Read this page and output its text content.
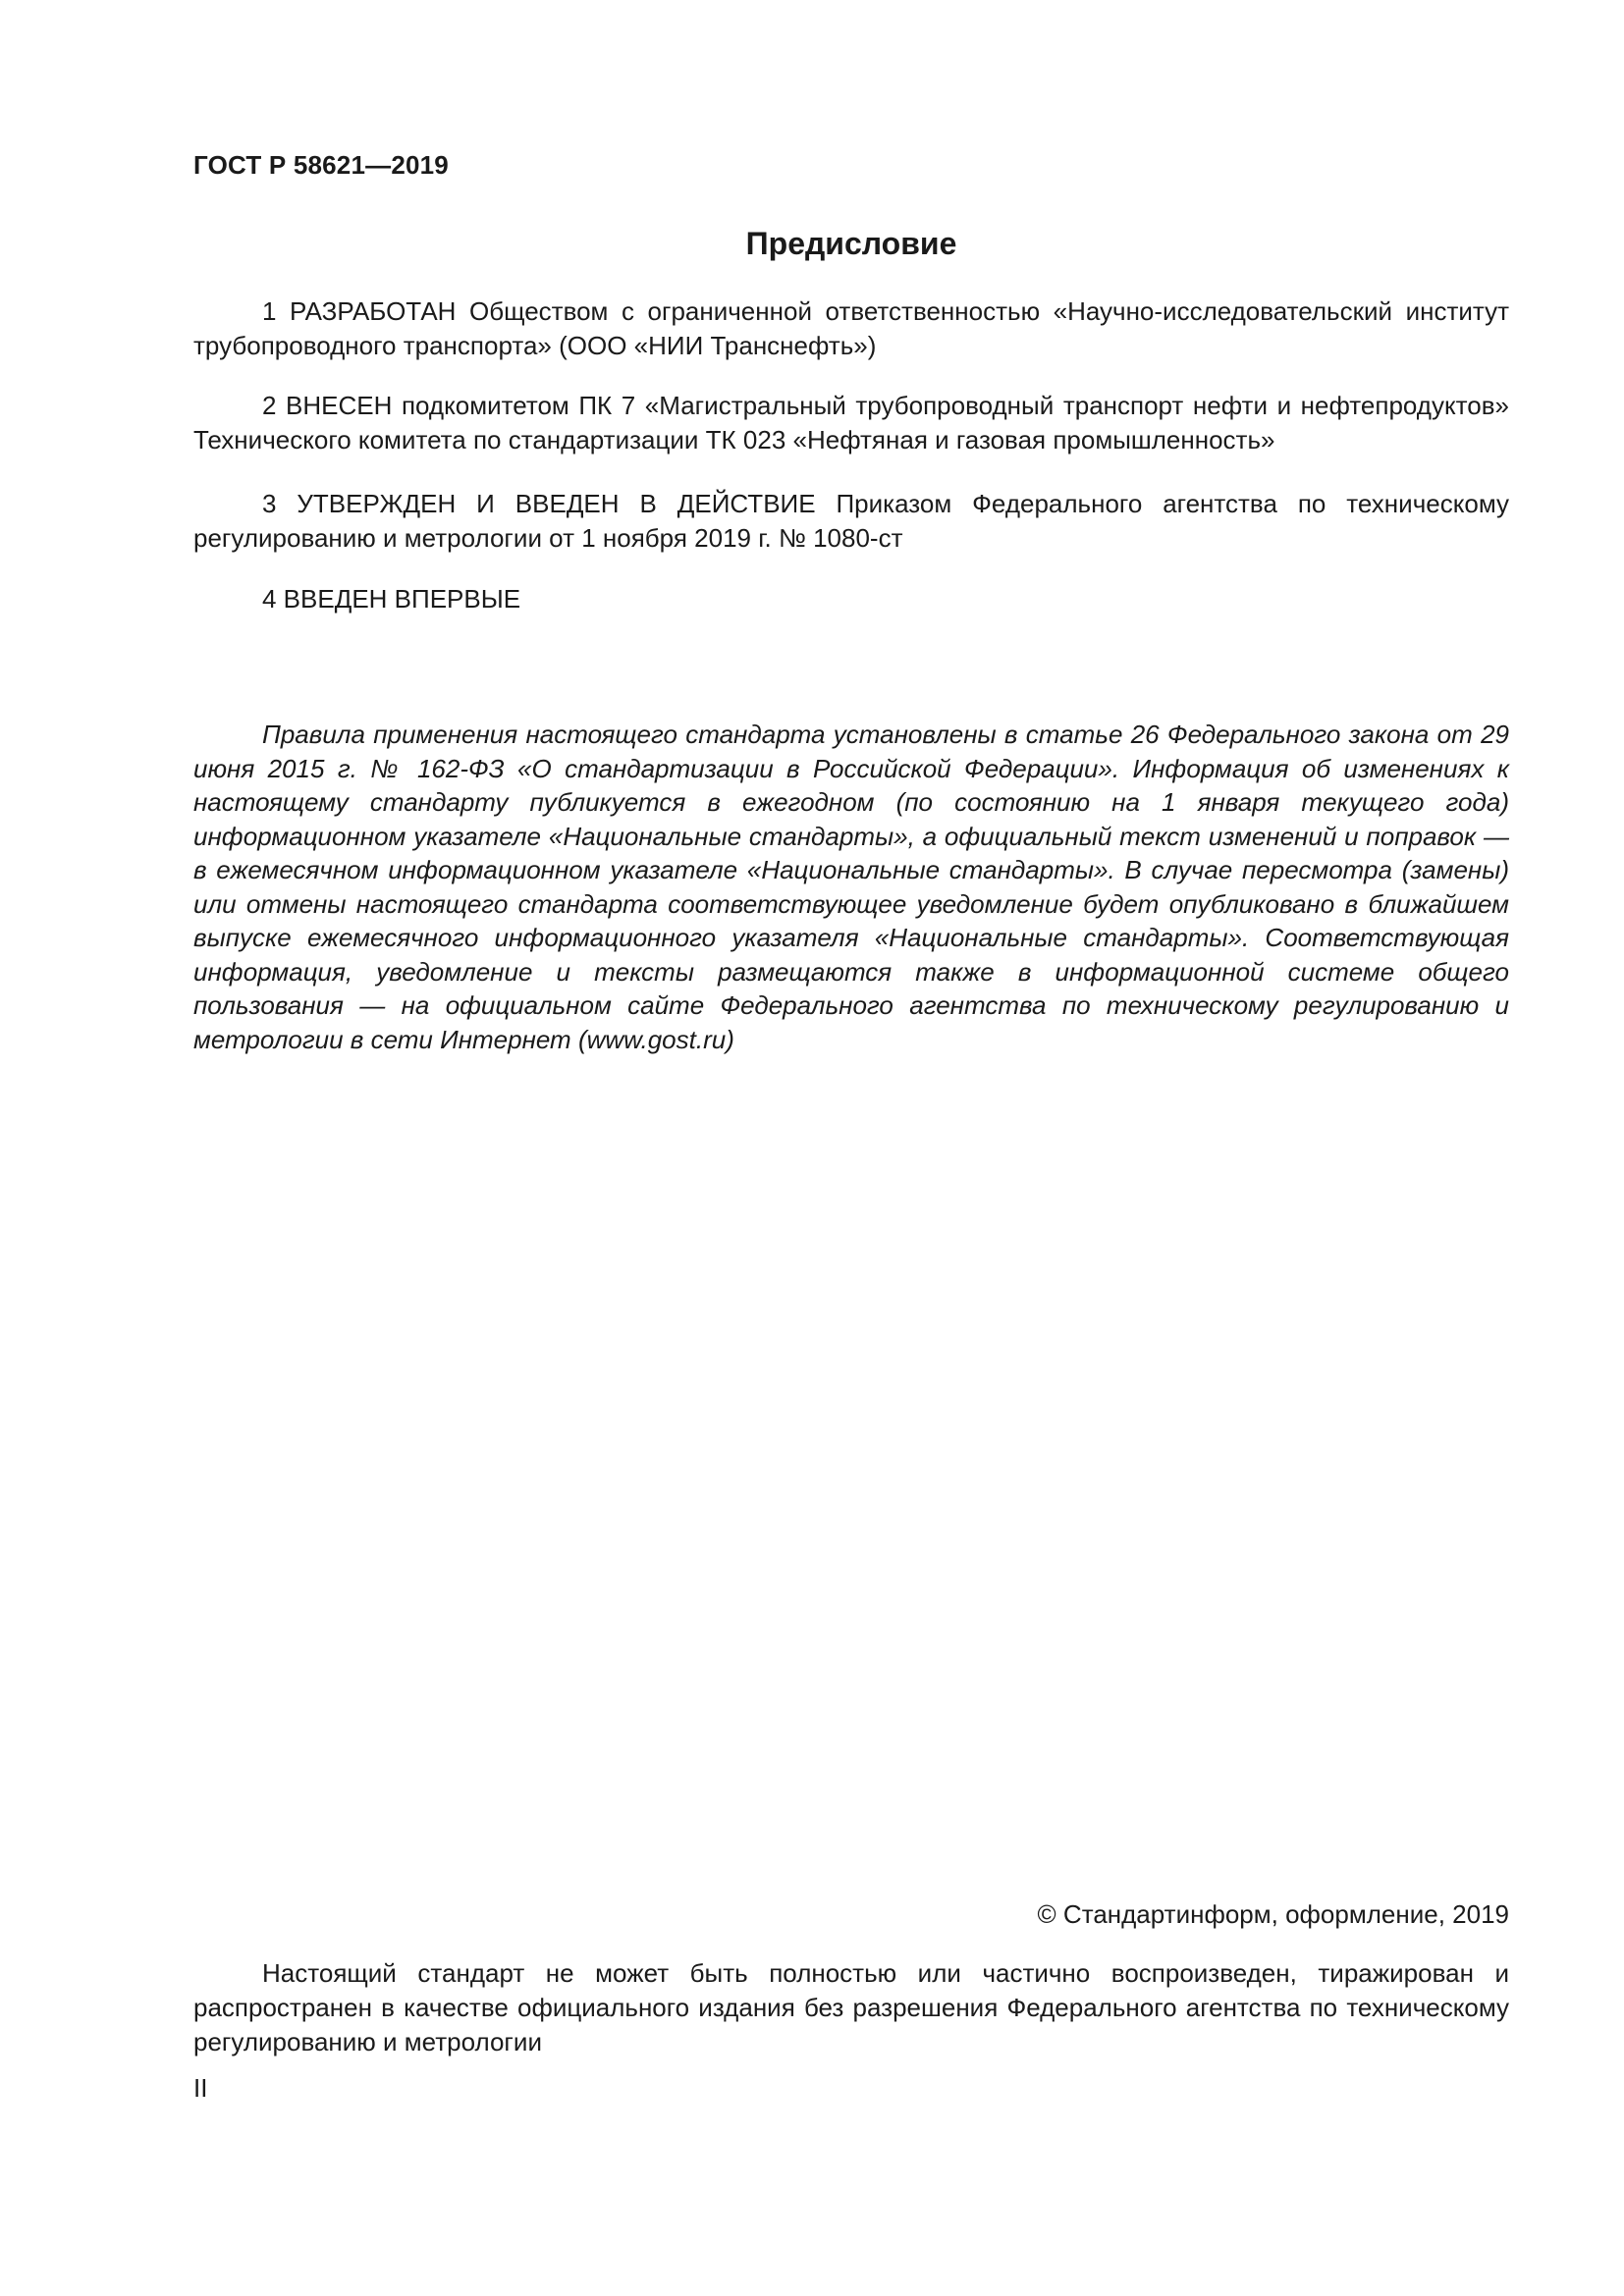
ГОСТ Р 58621—2019
Предисловие

1 РАЗРАБОТАН Обществом с ограниченной ответственностью «Научно-исследовательский институт трубопроводного транспорта» (ООО «НИИ Транснефть»)

2 ВНЕСЕН подкомитетом ПК 7 «Магистральный трубопроводный транспорт нефти и нефтепродуктов» Технического комитета по стандартизации ТК 023 «Нефтяная и газовая промышленность»

3 УТВЕРЖДЕН И ВВЕДЕН В ДЕЙСТВИЕ Приказом Федерального агентства по техническому регулированию и метрологии от 1 ноября 2019 г. № 1080-ст

4 ВВЕДЕН ВПЕРВЫЕ

Правила применения настоящего стандарта установлены в статье 26 Федерального закона от 29 июня 2015 г. № 162-ФЗ «О стандартизации в Российской Федерации». Информация об изменениях к настоящему стандарту публикуется в ежегодном (по состоянию на 1 января текущего года) информационном указателе «Национальные стандарты», а официальный текст изменений и поправок — в ежемесячном информационном указателе «Национальные стандарты». В случае пересмотра (замены) или отмены настоящего стандарта соответствующее уведомление будет опубликовано в ближайшем выпуске ежемесячного информационного указателя «Национальные стандарты». Соответствующая информация, уведомление и тексты размещаются также в информационной системе общего пользования — на официальном сайте Федерального агентства по техническому регулированию и метрологии в сети Интернет (www.gost.ru)

© Стандартинформ, оформление, 2019

Настоящий стандарт не может быть полностью или частично воспроизведен, тиражирован и распространен в качестве официального издания без разрешения Федерального агентства по техническому регулированию и метрологии

II
